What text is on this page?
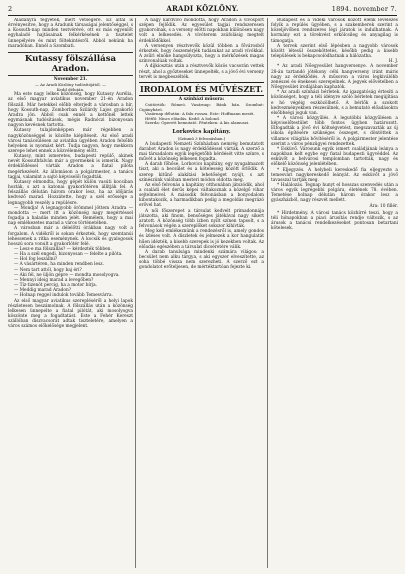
2	ARADI KÖZLÖNY.	1894. november 7.

Aladányra tegyetek, mert vétségére. Ez által is érvényesítve, hogy a Aradunk társaságai jelentőséggel, s a Kossuth‑nap minden testvérévé, ott ez más egyenlőt egyhaladó hajtásainak felkérkésének a tisztelet ünnepélyére és mint föltekintésről. Abból nekünk ha maradóban. Ennél a Szombati.

Kutassy fölszállása Aradon.

November 21.

— Az Aradi Közlöny tudósítójától. —

Kedd délután.

Ma este nagy lelkes közönség, hogy Kutassy Aurélia, az első magyar aviatikus november 21‑én Aradon fölszáll. Már hetekkel előbb elterjedt a városban a hír, hogy Kossuth‑nap, Zomborban Szilárdy Lajos gyakorló Aradra jön. Abból csak ennél a kettőnél lettek egymásnak tudósítások, mégis Radnóczi bizonyosan nagyon kevésnek tartotta.

Kutassy tulajdonképpen már régebben a nagyközönséggel is közölte kiépítéseit. Az első aradi városi tanácsülésen az aviatika ügyében Aradon felsőbb helyeken is nyomást kért. Tudja nagyon, hogy mekkora szerepe lehet ennek a közvélemény előtt.

Kutassy, mint ismeretes, budapesti repülő, akinek nevét Kossuthfalván már a gyermekek is ismerik. Nagy érdeklődéssel várták Aradon a fiatal pilóta megérkezését. Az állomáson a polgármester, a tanács tagjai, valamint a sajtó képviselői fogadták.

Kutassy elmondta, hogy gépét külön vasúti kocsiban hozták, s azt a katonai gyakorlótéren állítják fel. A felszállás délután három órakor lesz, ha az időjárás kedvező marad. Hozzátette, hogy a szél erőssége a legnagyobb veszély a repülésre.

— Mondja! A legnagyobb örömmel jöttem Aradra — mondotta — mert itt a közönség nagy megértéssel fogadja a haladás minden jelét. Remélem, hogy a mai nap emlékezetes marad a város történetében.

A városban már a délelőtti órákban nagy volt a forgalom. A vidékről is sokan érkeztek, hogy szemtanúi lehessenek a ritka eseménynek. A kocsik és gyalogosok hosszú sora vonult a gyakorlótér felé.

— Lesz‑e ma fölszállás? — kérdezték többen.

— Ha a szél engedi, bizonyosan — felelte a pilóta.

— Hol fog leszállni?

— A vásártéren, ha minden rendben lesz.

— Nem tart attól, hogy baj éri?

— Aki fél, ne üljön gépre — mondta mosolyogva.

— Mennyi ideig marad a levegőben?

— Tíz‑tizenöt percig, ha a motor bírja.

— Meddig marad Aradon?

— Holnap reggel indulok tovább Temesvárra.

Az első magyar aviatikus szerepléséről a helyi lapok részletesen beszámolnak. A fölszállás után a közönség lelkesen ünnepelte a fiatal pilótát, aki mosolyogva köszönte meg a fogadtatást. Este a Fehér Kereszt szállóban díszvacsorát adtak tiszteletére, amelyen a város számos előkelősége megjelent.

A nagy kardvívó mondotta, hogy Aradon a vívósport szépen fejlődik. Az egyesület tagjai rendszeresen gyakorolnak, s a verseny előtti napokban különösen nagy volt a lelkesedés. A vívóterem zsúfolásig megtelt érdeklődőkkel.

A versenyen résztvevők közül többen a fővárosból érkeztek, hogy összemérjék tudásukat az aradi vívókkal. A zsűri elnöke hangsúlyozta, hogy a mérkőzések magas színvonalúak voltak.

A díjkiosztás után a résztvevők közös vacsorán vettek részt, ahol a győzteseket ünnepelték, s a jövő évi verseny tervét is megbeszélték.

IRODALOM ÉS MŰVÉSZET.

A színházi műsora:

Csütörtök: Rómeó. Vasárnap: Bánk bán. Szombat: Cigánybáró.

Vasárnap délután: A falu rossza. Este: Hoffmann meséi.

Hétfő: Nincs előadás. Kedd: A bolond.

Szerda: Operett bemutató. Pénteken: A kis alamuszi.

Lorkovics kapitány.

(Színmű 3 felvonásban.)

A budapesti Nemzeti Színházban nemrég bemutatott darabot Aradon is nagy érdeklődéssel várták. A szerző a mai társadalom egyik legégetőbb kérdését vitte színre, s művét a közönség lelkesen fogadta.

A darab főhőse, Lorkovics kapitány, egy nyugalmazott tiszt, aki a becsület és a kötelesség között őrlődik. A szerep kitűnő alakítási lehetőséget nyújt, s azt színészünk valóban mesteri módon oldotta meg.

Az első felvonás a kapitány otthonában játszódik, ahol a családi élet derűs képei váltakoznak a közelgő vihar sejtelmeivel. A második felvonásban a bonyodalom kibontakozik, a harmadikban pedig a megoldás megrázó erővel hat.

A női főszerepet a társulat kedvelt primadonnája játszotta, aki finom, bensőséges játékával nagy sikert aratott. A közönség több ízben nyílt színen tapsolt, s a felvonások végén a szereplőket sokszor kihívták.

Meg kell emlékeznünk a rendezésről is, amely gondos és ízléses volt. A díszletek és jelmezek a kor hangulatát hűen idézték, a kisebb szerepek is jó kezekben voltak. Az előadás egészében a társulat dicséretére válik.

A darab tanulsága mindenki számára világos: a becsület nem alku tárgya, s aki egyszer elveszítette, az soha többé vissza nem szerezheti. A szerző ezt a gondolatot erőteljesen, de mértéktartóan fejezte ki.

Budapest és a vidéki városok között élénk levelezés folyik a repülés ügyében, s a szakemberek szerint a közeljövőben rendszeres légi járatok is indulhatnak. A kormány ezt a törekvést erkölcsileg és anyagilag is támogatja.

A tervek szerint első lépésben a nagyobb városok között létesül összeköttetés, később pedig a kisebb települések is bekapcsolódhatnak a hálózatba.

H. J.

* Az aradi Nőegyesület hangversenye. A november 28‑án tartandó jótékony célú hangverseny iránt máris nagy az érdeklődés. A műsoron a város legkiválóbb zenészei és énekesei szerepelnek. A jegyek elővételben a Nőegyesület irodájában kaphatók.

* Az aradi színházi bérletek. Az igazgatóság értesíti a közönséget, hogy a téli idényre szóló bérletek megújítása e hó végéig eszközölhető. A bérlők a szokott kedvezményekben részesülnek, s a bemutató előadásokra elsőbbségi joguk van.

* A városi közgyűlés. A legutóbbi közgyűlésen a képviselőtestület több fontos ügyben határozott. Elfogadták a jövő évi költségvetést, megszavazták az új iskola építésére szükséges összeget, s döntöttek a villamos világítás bővítéséről is. A polgármester jelentése szerint a város pénzügyei rendezettek.

* Esküvő. Városunk egyik ismert családjának leánya a napokban kelt egybe egy fiatal budapesti ügyvéddel. Az esküvőt a belvárosi templomban tartották, nagy és előkelő közönség jelenlétében.

* Eljegyzés. A helybeli kereskedő fia eljegyezte a temesvári nagykereskedő leányát. Az esküvőt a jövő tavasszal tartják meg.

* Halálozás. Tegnap hunyt el hosszas szenvedés után a város egyik legrégebbi polgára, életének 78. évében. Temetése holnap délután három órakor lesz a gyászházból, nagy részvét mellett.

Ára: 10 fillér.

* Hirdetmény. A városi tanács közhírré teszi, hogy a téli hónapokban a piaci árusítás rendje változik, s az árusok a tanácsi rendelkezéseket pontosan betartani kötelesek.
